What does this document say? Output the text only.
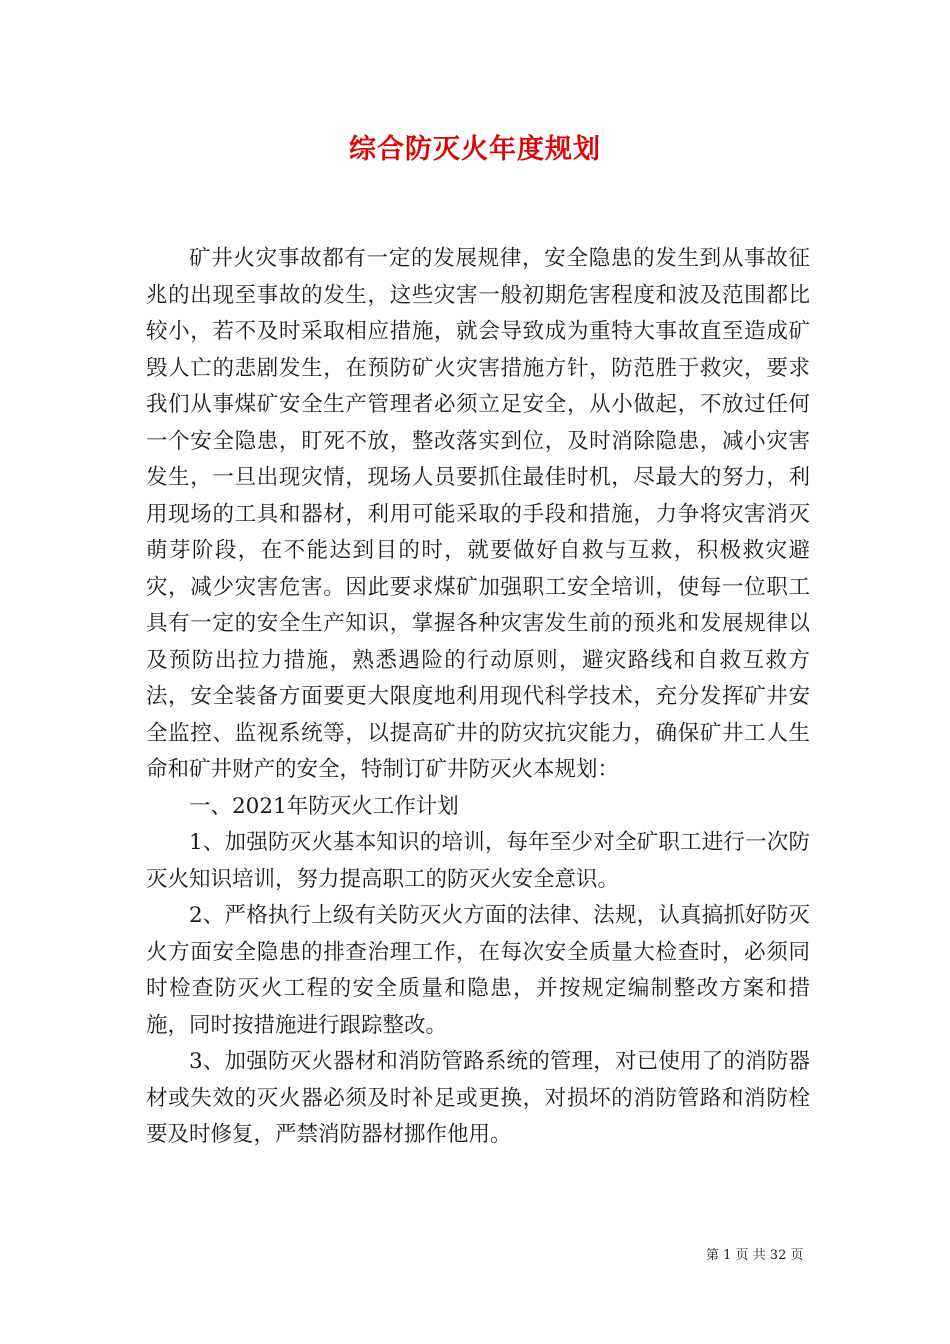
综合防灭火年度规划

矿井火灾事故都有一定的发展规律，安全隐患的发生到从事故征兆的出现至事故的发生，这些灾害一般初期危害程度和波及范围都比较小，若不及时采取相应措施，就会导致成为重特大事故直至造成矿毁人亡的悲剧发生，在预防矿火灾害措施方针，防范胜于救灾，要求我们从事煤矿安全生产管理者必须立足安全，从小做起，不放过任何一个安全隐患，盯死不放，整改落实到位，及时消除隐患，减小灾害发生，一旦出现灾情，现场人员要抓住最佳时机，尽最大的努力，利用现场的工具和器材，利用可能采取的手段和措施，力争将灾害消灭萌芽阶段，在不能达到目的时，就要做好自救与互救，积极救灾避灾，减少灾害危害。因此要求煤矿加强职工安全培训，使每一位职工具有一定的安全生产知识，掌握各种灾害发生前的预兆和发展规律以及预防出拉力措施，熟悉遇险的行动原则，避灾路线和自救互救方法，安全装备方面要更大限度地利用现代科学技术，充分发挥矿井安全监控、监视系统等，以提高矿井的防灾抗灾能力，确保矿井工人生命和矿井财产的安全，特制订矿井防灭火本规划：

一、2021年防灭火工作计划

1、加强防灭火基本知识的培训，每年至少对全矿职工进行一次防灭火知识培训，努力提高职工的防灭火安全意识。

2、严格执行上级有关防灭火方面的法律、法规，认真搞抓好防灭火方面安全隐患的排查治理工作，在每次安全质量大检查时，必须同时检查防灭火工程的安全质量和隐患，并按规定编制整改方案和措施，同时按措施进行跟踪整改。

3、加强防灭火器材和消防管路系统的管理，对已使用了的消防器材或失效的灭火器必须及时补足或更换，对损坏的消防管路和消防栓要及时修复，严禁消防器材挪作他用。

第 1 页 共 32 页
